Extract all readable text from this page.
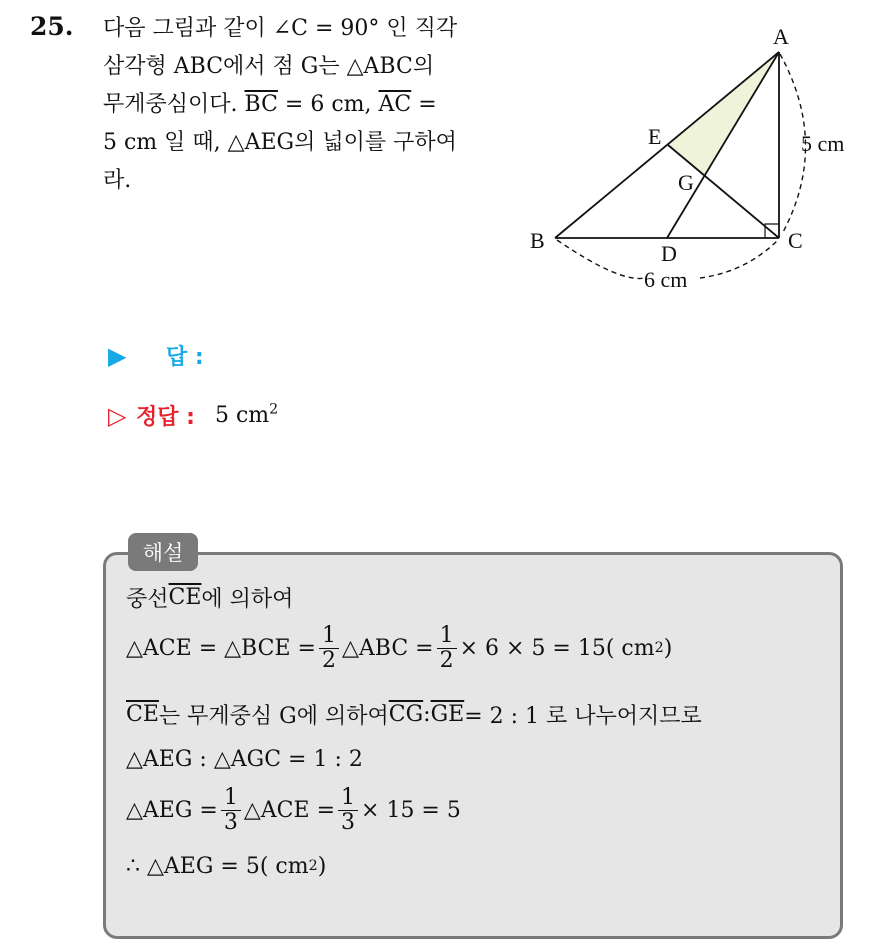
25. 다음 그림과 같이 ∠C = 90° 인 직각
삼각형 ABC에서 점 G는 △ABC의
무게중심이다. $\overline{BC} = 6$ cm, $\overline{AC}$ =
5 cm 일 때, △AEG의 넓이를 구하여
라.
A
B	C
D
E
G
5 cm
6 cm
▶	답 :
▷ 정답 : 5 $cm^2$
해설
중선 $\overline{CE}$ 에 의하여
△ACE = △BCE = $\frac{1}{2}$ △ABC = $\frac{1}{2} \times 6 \times 5 = 15$( cm 2 )
$\overline{CE}$ 는 무게중심 G에 의하여 $\overline{CG}$ : $\overline{GE} = 2$ : 1 로 나누어지므로
△AEG : △AGC = 1 : 2
△AEG = $\frac{1}{3}$ △ACE = $\frac{1}{3} \times 15 = 5$
∴ △AEG = 5( cm 2 )
